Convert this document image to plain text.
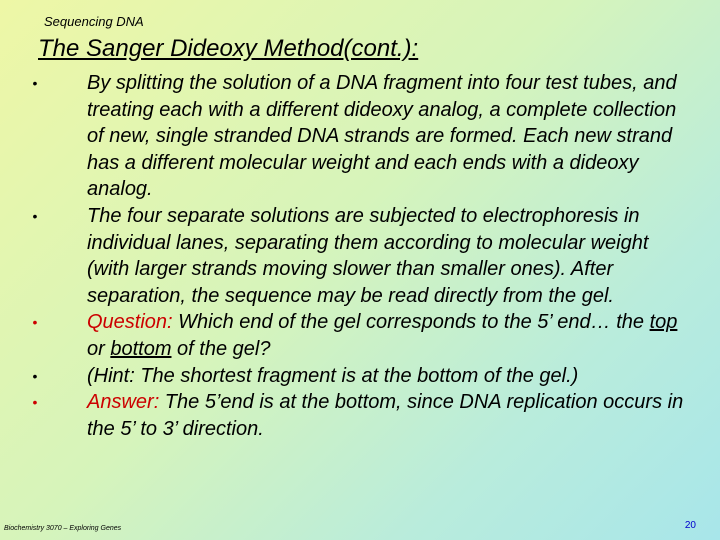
Sequencing DNA
The Sanger Dideoxy Method(cont.):
• By splitting the solution of a DNA fragment into four test tubes, and treating each with a different dideoxy analog, a complete collection of new, single stranded DNA strands are formed. Each new strand has a different molecular weight and each ends with a dideoxy analog.
• The four separate solutions are subjected to electrophoresis in individual lanes, separating them according to molecular weight (with larger strands moving slower than smaller ones). After separation, the sequence may be read directly from the gel.
• Question: Which end of the gel corresponds to the 5’ end… the top or bottom of the gel?
• (Hint: The shortest fragment is at the bottom of the gel.)
• Answer: The 5’end is at the bottom, since DNA replication occurs in the 5’ to 3’ direction.
Biochemistry 3070 – Exploring Genes	20
